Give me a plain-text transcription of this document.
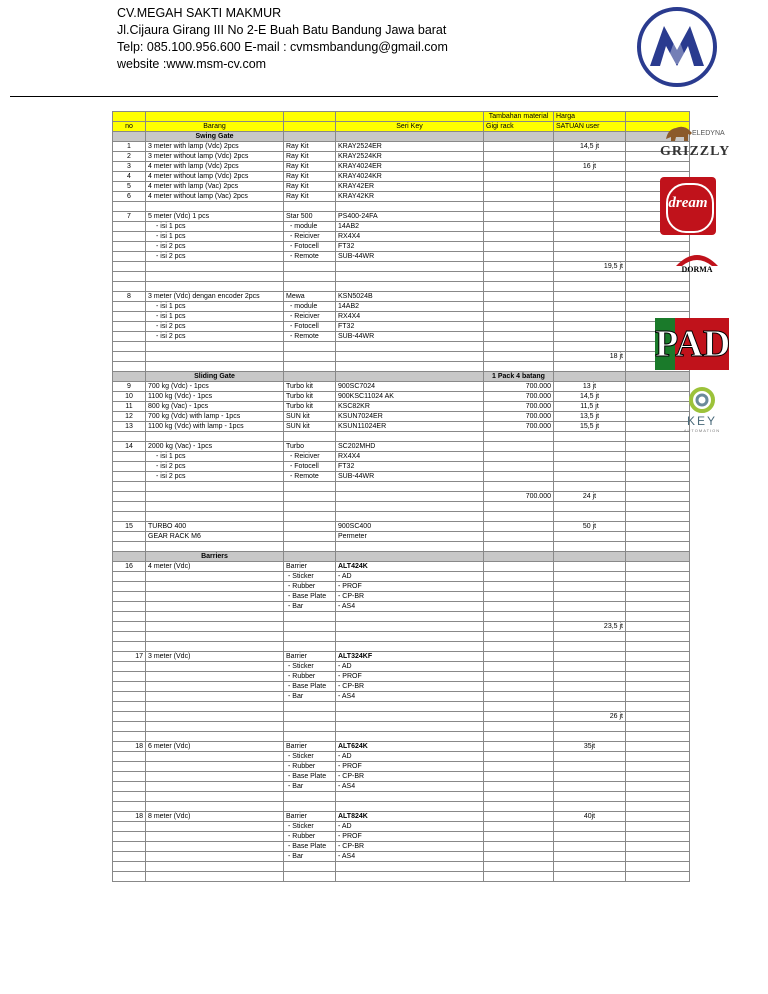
CV.MEGAH SAKTI MAKMUR
Jl.Cijaura Girang III No 2-E Buah Batu Bandung Jawa barat
Telp: 085.100.956.600 E-mail : cvmsmbandung@gmail.com
website :www.msm-cv.com
				Tambahan material	Harga	
no	Barang		Seri Key	Gigi rack	SATUAN user	
	Swing Gate					
1	3 meter with lamp (Vdc) 2pcs	Ray Kit	KRAY2524ER		14,5 jt	
2	3 meter without lamp (Vdc) 2pcs	Ray Kit	KRAY2524KR			
3	4 meter with lamp (Vdc) 2pcs	Ray Kit	KRAY4024ER		16 jt	
4	4 meter without lamp (Vdc) 2pcs	Ray Kit	KRAY4024KR			
5	4 meter with lamp (Vac) 2pcs	Ray Kit	KRAY42ER			
6	4 meter without lamp (Vac) 2pcs	Ray Kit	KRAY42KR			

7	5 meter (Vdc) 1 pcs	Star 500	PS400-24FA			
	- isi 1 pcs	- module	14AB2			
	- isi 1 pcs	- Reiciver	RX4X4			
	- isi 2 pcs	- Fotocell	FT32			
	- isi 2 pcs	- Remote	SUB-44WR			
					19,5 jt	

8	3 meter (Vdc) dengan encoder 2pcs	Mewa	KSN5024B			
	- isi 1 pcs	- module	14AB2			
	- isi 1 pcs	- Reiciver	RX4X4			
	- isi 2 pcs	- Fotocell	FT32			
	- isi 2 pcs	- Remote	SUB-44WR			

					18 jt	

	Sliding Gate			1 Pack 4 batang		
9	700 kg (Vdc) - 1pcs	Turbo kit	900SC7024	700.000	13 jt	
10	1100 kg (Vdc) - 1pcs	Turbo kit	900KSC11024 AK	700.000	14,5 jt	
11	800 kg (Vac) - 1pcs	Turbo kit	KSC82KR	700.000	11,5 jt	
12	700 kg (Vdc) with lamp - 1pcs	SUN kit	KSUN7024ER	700.000	13,5 jt	
13	1100 kg (Vdc) with lamp - 1pcs	SUN kit	KSUN11024ER	700.000	15,5 jt	

14	2000 kg (Vac) - 1pcs	Turbo	SC202MHD			
	- isi 1 pcs	- Reiciver	RX4X4			
	- isi 2 pcs	- Fotocell	FT32			
	- isi 2 pcs	- Remote	SUB-44WR			

				700.000	24 jt	

15	TURBO 400		900SC400		50 jt	
	GEAR RACK M6		Permeter			

	Barriers					
16	4 meter (Vdc)	Barrier	ALT424K			
		- Sticker	- AD			
		- Rubber	- PROF			
		- Base Plate	- CP-BR			
		- Bar	- AS4			

					23,5 jt	

17	3 meter (Vdc)	Barrier	ALT324KF			
		- Sticker	- AD			
		- Rubber	- PROF			
		- Base Plate	- CP-BR			
		- Bar	- AS4			

					26 jt	

18	6 meter (Vdc)	Barrier	ALT624K		35jt	
		- Sticker	- AD			
		- Rubber	- PROF			
		- Base Plate	- CP-BR			
		- Bar	- AS4			

18	8 meter (Vdc)	Barrier	ALT824K		40jt	
		- Sticker	- AD			
		- Rubber	- PROF			
		- Base Plate	- CP-BR			
		- Bar	- AS4			

ELEDYNA
GRIZZLY
dream
DORMA
PAD
KEY
AUTOMATION
